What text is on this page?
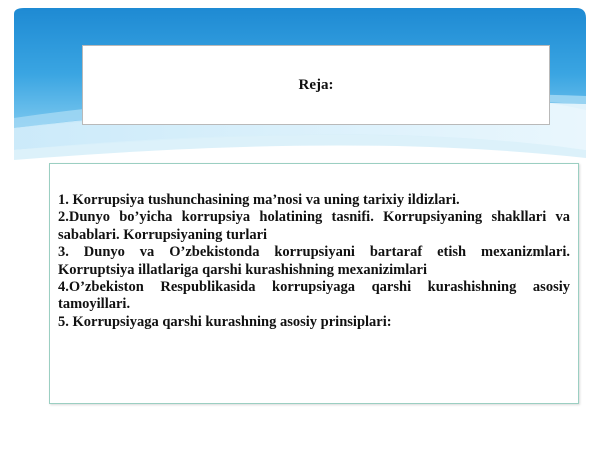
Reja:

1. Korrupsiya tushunchasining ma’nosi va uning tarixiy ildizlari.

2.Dunyo bo’yicha korrupsiya holatining tasnifi. Korrupsiyaning shakllari va sabablari. Korrupsiyaning turlari

3. Dunyo va O’zbekistonda korrupsiyani bartaraf etish mexanizmlari. Korruptsiya illatlariga qarshi kurashishning mexanizimlari

4.O’zbekiston Respublikasida korrupsiyaga qarshi kurashishning asosiy tamoyillari.

5. Korrupsiyaga qarshi kurashning asosiy prinsiplari:
